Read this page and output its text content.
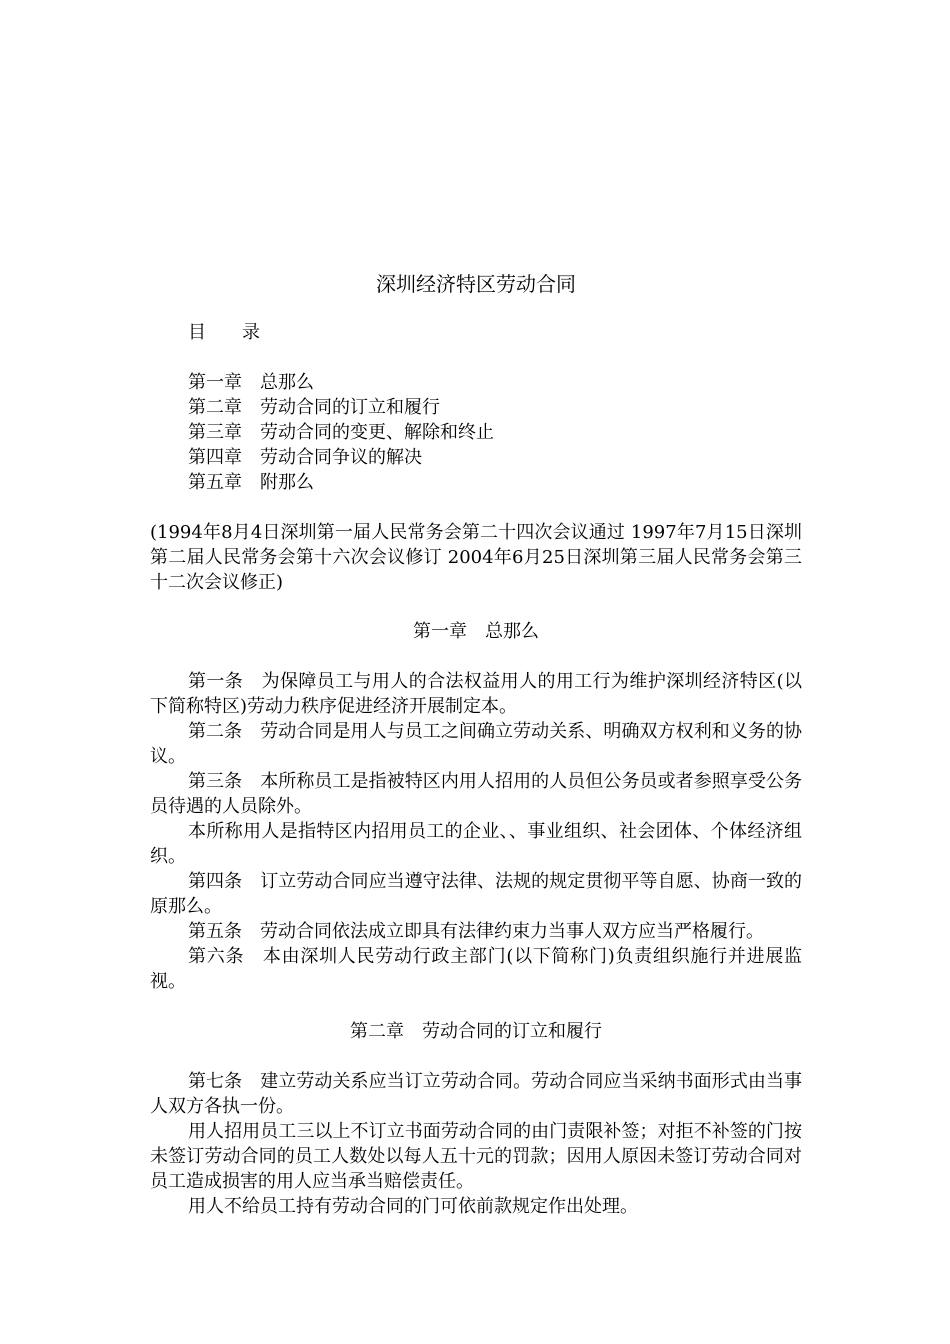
深圳经济特区劳动合同
目　　录
第一章　总那么
第二章　劳动合同的订立和履行
第三章　劳动合同的变更、解除和终止
第四章　劳动合同争议的解决
第五章　附那么

(1994年8月4日深圳第一届人民常务会第二十四次会议通过 1997年7月15日深圳第二届人民常务会第十六次会议修订 2004年6月25日深圳第三届人民常务会第三十二次会议修正)

第一章　总那么

第一条　为保障员工与用人的合法权益用人的用工行为维护深圳经济特区(以下简称特区)劳动力秩序促进经济开展制定本。

第二条　劳动合同是用人与员工之间确立劳动关系、明确双方权利和义务的协议。

第三条　本所称员工是指被特区内用人招用的人员但公务员或者参照享受公务员待遇的人员除外。

本所称用人是指特区内招用员工的企业、、事业组织、社会团体、个体经济组织。

第四条　订立劳动合同应当遵守法律、法规的规定贯彻平等自愿、协商一致的原那么。

第五条　劳动合同依法成立即具有法律约束力当事人双方应当严格履行。

第六条　本由深圳人民劳动行政主部门(以下简称门)负责组织施行并进展监视。

第二章　劳动合同的订立和履行

第七条　建立劳动关系应当订立劳动合同。劳动合同应当采纳书面形式由当事人双方各执一份。

用人招用员工三以上不订立书面劳动合同的由门责限补签；对拒不补签的门按未签订劳动合同的员工人数处以每人五十元的罚款；因用人原因未签订劳动合同对员工造成损害的用人应当承当赔偿责任。

用人不给员工持有劳动合同的门可依前款规定作出处理。
